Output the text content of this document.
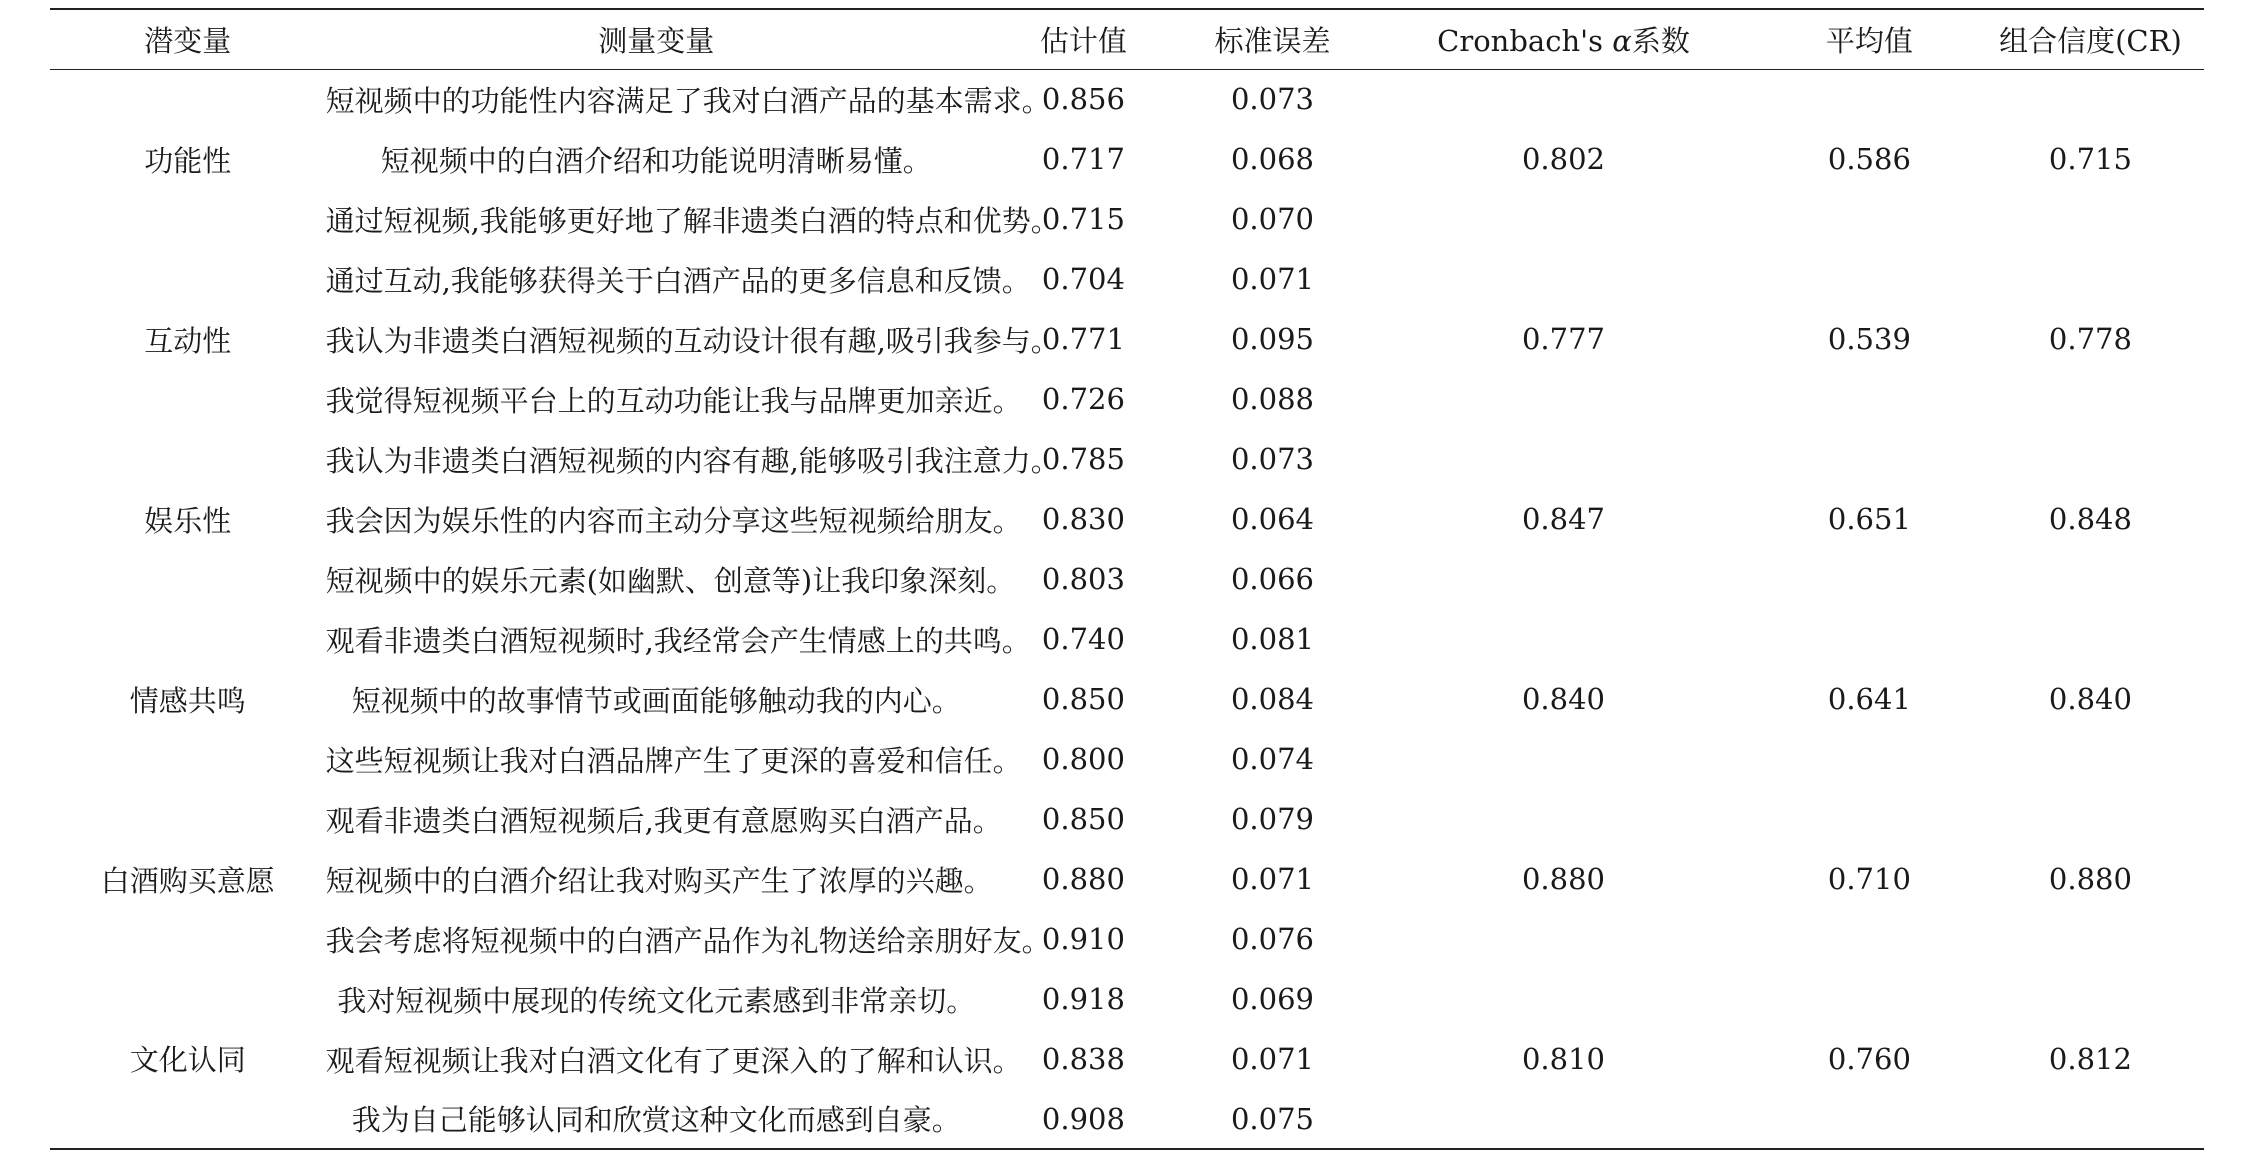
潜变量	测量变量	估计值	标准误差	Cronbach's α系数	平均值	组合信度(CR)
功能性	短视频中的功能性内容满足了我对白酒产品的基本需求。	0.856	0.073	0.802	0.586	0.715
	短视频中的白酒介绍和功能说明清晰易懂。	0.717	0.068			
	通过短视频,我能够更好地了解非遗类白酒的特点和优势。	0.715	0.070			
互动性	通过互动,我能够获得关于白酒产品的更多信息和反馈。	0.704	0.071	0.777	0.539	0.778
	我认为非遗类白酒短视频的互动设计很有趣,吸引我参与。	0.771	0.095			
	我觉得短视频平台上的互动功能让我与品牌更加亲近。	0.726	0.088			
娱乐性	我认为非遗类白酒短视频的内容有趣,能够吸引我注意力。	0.785	0.073	0.847	0.651	0.848
	我会因为娱乐性的内容而主动分享这些短视频给朋友。	0.830	0.064			
	短视频中的娱乐元素(如幽默、创意等)让我印象深刻。	0.803	0.066			
情感共鸣	观看非遗类白酒短视频时,我经常会产生情感上的共鸣。	0.740	0.081	0.840	0.641	0.840
	短视频中的故事情节或画面能够触动我的内心。	0.850	0.084			
	这些短视频让我对白酒品牌产生了更深的喜爱和信任。	0.800	0.074			
白酒购买意愿	观看非遗类白酒短视频后,我更有意愿购买白酒产品。	0.850	0.079	0.880	0.710	0.880
	短视频中的白酒介绍让我对购买产生了浓厚的兴趣。	0.880	0.071			
	我会考虑将短视频中的白酒产品作为礼物送给亲朋好友。	0.910	0.076			
文化认同	我对短视频中展现的传统文化元素感到非常亲切。	0.918	0.069	0.810	0.760	0.812
	观看短视频让我对白酒文化有了更深入的了解和认识。	0.838	0.071			
	我为自己能够认同和欣赏这种文化而感到自豪。	0.908	0.075			
